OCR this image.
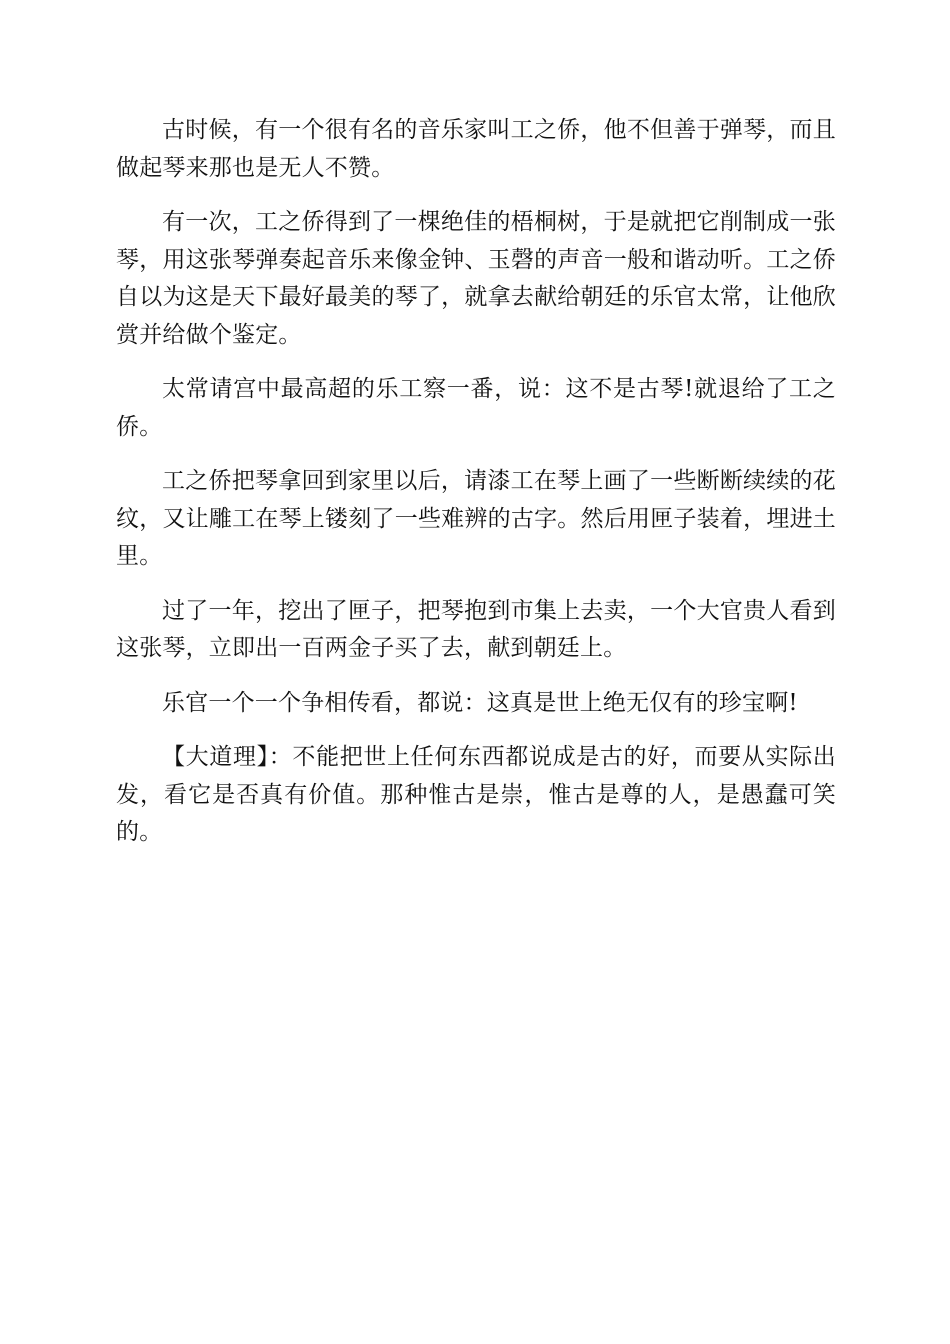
古时候，有一个很有名的音乐家叫工之侨，他不但善于弹琴，而且做起琴来那也是无人不赞。

有一次，工之侨得到了一棵绝佳的梧桐树，于是就把它削制成一张琴，用这张琴弹奏起音乐来像金钟、玉磬的声音一般和谐动听。工之侨自以为这是天下最好最美的琴了，就拿去献给朝廷的乐官太常，让他欣赏并给做个鉴定。

太常请宫中最高超的乐工察一番，说：这不是古琴!就退给了工之侨。

工之侨把琴拿回到家里以后，请漆工在琴上画了一些断断续续的花纹，又让雕工在琴上镂刻了一些难辨的古字。然后用匣子装着，埋进土里。

过了一年，挖出了匣子，把琴抱到市集上去卖，一个大官贵人看到这张琴，立即出一百两金子买了去，献到朝廷上。

乐官一个一个争相传看，都说：这真是世上绝无仅有的珍宝啊!

【大道理】：不能把世上任何东西都说成是古的好，而要从实际出发，看它是否真有价值。那种惟古是崇，惟古是尊的人，是愚蠢可笑的。
